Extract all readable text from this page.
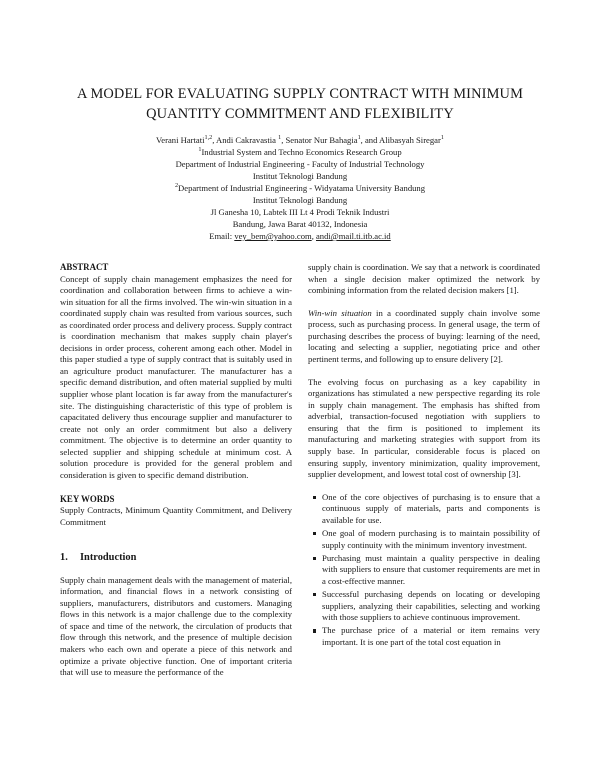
A MODEL FOR EVALUATING SUPPLY CONTRACT WITH MINIMUM QUANTITY COMMITMENT AND FLEXIBILITY
Verani Hartati$^{1,2}$, Andi Cakravastia $^1$, Senator Nur Bahagia$^1$, and Alibasyah Siregar$^1$
$^1$Industrial System and Techno Economics Research Group
Department of Industrial Engineering - Faculty of Industrial Technology
Institut Teknologi Bandung
$^2$Department of Industrial Engineering - Widyatama University Bandung
Institut Teknologi Bandung
Jl Ganesha 10, Labtek III Lt 4 Prodi Teknik Industri
Bandung, Jawa Barat 40132, Indonesia
Email: vey_bem@yahoo.com, andi@mail.ti.itb.ac.id
ABSTRACT

Concept of supply chain management emphasizes the need for coordination and collaboration between firms to achieve a win-win situation for all the firms involved. The win-win situation in a coordinated supply chain was resulted from various sources, such as coordinated order process and delivery process. Supply contract is coordination mechanism that makes supply chain player's decisions in order process, coherent among each other. Model in this paper studied a type of supply contract that is suitably used in an agriculture product manufacturer. The manufacturer has a specific demand distribution, and often material supplied by multi supplier whose plant location is far away from the manufacturer's site. The distinguishing characteristic of this type of problem is capacitated delivery thus encourage supplier and manufacturer to create not only an order commitment but also a delivery commitment. The objective is to determine an order quantity to selected supplier and shipping schedule at minimum cost. A solution procedure is provided for the general problem and consideration is given to specific demand distribution.

KEY WORDS

Supply Contracts, Minimum Quantity Commitment, and Delivery Commitment

1. Introduction

Supply chain management deals with the management of material, information, and financial flows in a network consisting of suppliers, manufacturers, distributors and customers. Managing flows in this network is a major challenge due to the complexity of space and time of the network, the circulation of products that flow through this network, and the presence of multiple decision makers who each own and operate a piece of this network and optimize a private objective function. One of important criteria that will use to measure the performance of the

supply chain is coordination. We say that a network is coordinated when a single decision maker optimized the network by combining information from the related decision makers [1].

Win-win situation in a coordinated supply chain involve some process, such as purchasing process. In general usage, the term of purchasing describes the process of buying: learning of the need, locating and selecting a supplier, negotiating price and other pertinent terms, and following up to ensure delivery [2].

The evolving focus on purchasing as a key capability in organizations has stimulated a new perspective regarding its role in supply chain management. The emphasis has shifted from adverbial, transaction-focused negotiation with suppliers to ensuring that the firm is positioned to implement its manufacturing and marketing strategies with support from its supply base. In particular, considerable focus is placed on ensuring supply, inventory minimization, quality improvement, supplier development, and lowest total cost of ownership [3].

One of the core objectives of purchasing is to ensure that a continuous supply of materials, parts and components is available for use.
One goal of modern purchasing is to maintain possibility of supply continuity with the minimum inventory investment.
Purchasing must maintain a quality perspective in dealing with suppliers to ensure that customer requirements are met in a cost-effective manner.
Successful purchasing depends on locating or developing suppliers, analyzing their capabilities, selecting and working with those suppliers to achieve continuous improvement.
The purchase price of a material or item remains very important. It is one part of the total cost equation in
